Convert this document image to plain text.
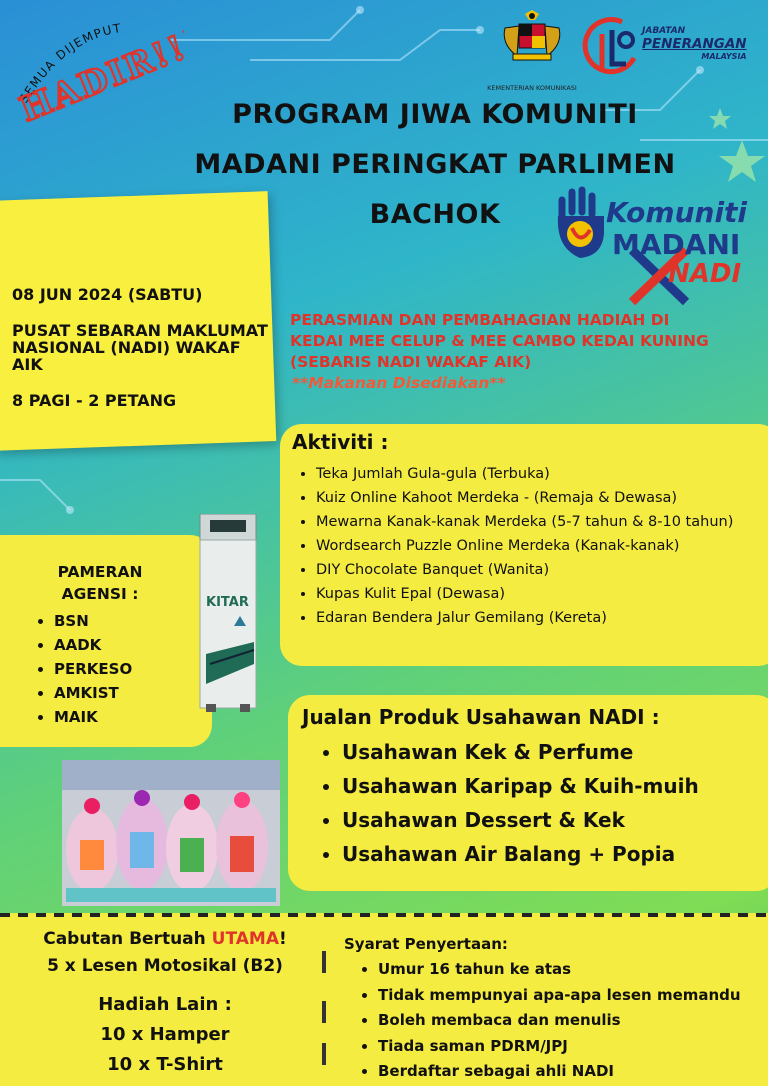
SEMUA DIJEMPUT
HADIR!!!	KEMENTERIAN KOMUNIKASI
JABATAN
PENERANGAN
MALAYSIA
PROGRAM JIWA KOMUNITI
MADANI PERINGKAT PARLIMEN
BACHOK	Komuniti
MADANI
NADI
08 JUN 2024 (SABTU)
PUSAT SEBARAN MAKLUMAT NASIONAL (NADI) WAKAF AIK
8 PAGI - 2 PETANG
PERASMIAN DAN PEMBAHAGIAN HADIAH DI
KEDAI MEE CELUP & MEE CAMBO KEDAI KUNING
(SEBARIS NADI WAKAF AIK)
**Makanan Disediakan**
Aktiviti :
• Teka Jumlah Gula-gula (Terbuka)
• Kuiz Online Kahoot Merdeka - (Remaja & Dewasa)
• Mewarna Kanak-kanak Merdeka (5-7 tahun & 8-10 tahun)
• Wordsearch Puzzle Online Merdeka (Kanak-kanak)
• DIY Chocolate Banquet (Wanita)
• Kupas Kulit Epal (Dewasa)
• Edaran Bendera Jalur Gemilang (Kereta)
PAMERAN
AGENSI :
• BSN
• AADK
• PERKESO
• AMKIST
• MAIK
KITAR
Jualan Produk Usahawan NADI :
• Usahawan Kek & Perfume
• Usahawan Karipap & Kuih-muih
• Usahawan Dessert & Kek
• Usahawan Air Balang + Popia
Cabutan Bertuah UTAMA!
5 x Lesen Motosikal (B2)
Hadiah Lain :
10 x Hamper
10 x T-Shirt
Syarat Penyertaan:
• Umur 16 tahun ke atas
• Tidak mempunyai apa-apa lesen memandu
• Boleh membaca dan menulis
• Tiada saman PDRM/JPJ
• Berdaftar sebagai ahli NADI
